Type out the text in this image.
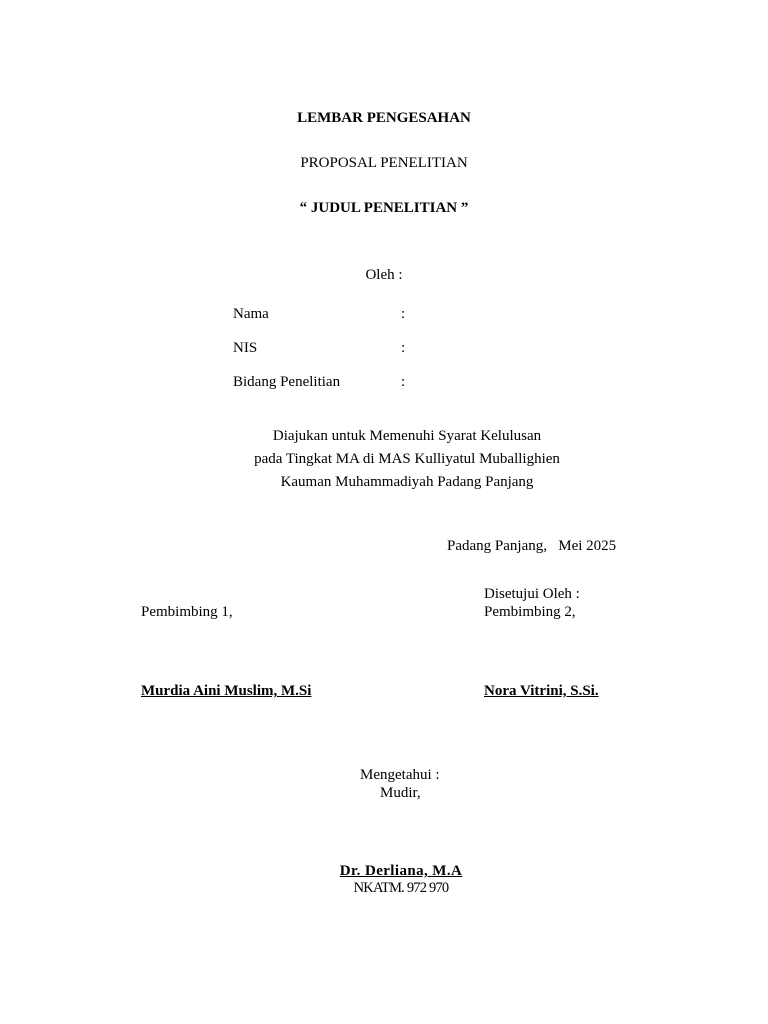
LEMBAR PENGESAHAN
PROPOSAL PENELITIAN
“ JUDUL PENELITIAN ”
Oleh :
Nama	:
NIS	:
Bidang Penelitian	:
Diajukan untuk Memenuhi Syarat Kelulusan
pada Tingkat MA di MAS Kulliyatul Muballighien
Kauman Muhammadiyah Padang Panjang
Padang Panjang,   Mei 2025
Disetujui Oleh :
Pembimbing 1,	Pembimbing 2,
Murdia Aini Muslim, M.Si	Nora Vitrini, S.Si.
Mengetahui :
Mudir,
Dr. Derliana, M.A
NKATM. 972 970
